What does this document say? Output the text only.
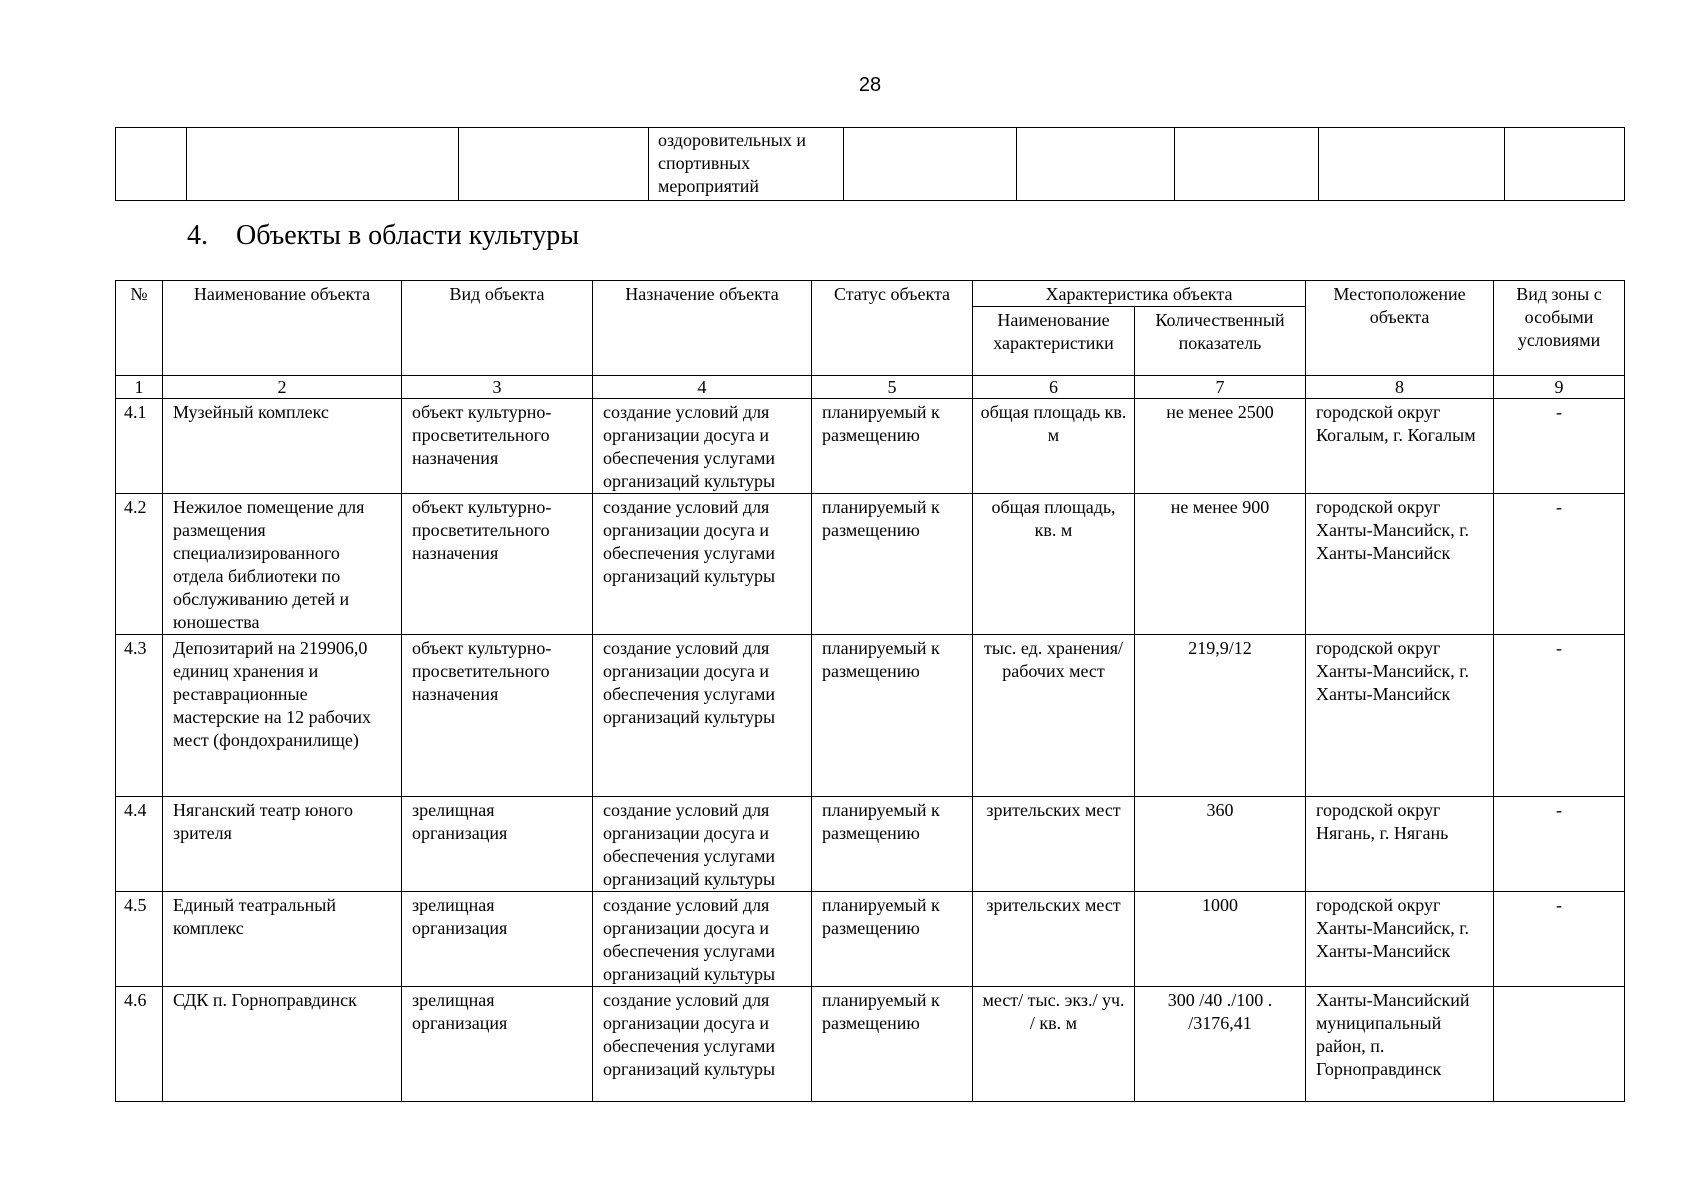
28
			оздоровительных и спортивных мероприятий					
4. Объекты в области культуры
№	Наименование объекта	Вид объекта	Назначение объекта	Статус объекта	Характеристика объекта		Местоположение объекта	Вид зоны с особыми условиями
					Наименование характеристики	Количественный показатель		
1	2	3	4	5	6	7	8	9
4.1	Музейный комплекс	объект культурно-просветительного назначения	создание условий для организации досуга и обеспечения услугами организаций культуры	планируемый к размещению	общая площадь кв. м	не менее 2500	городской округ Когалым, г. Когалым	-
4.2	Нежилое помещение для размещения специализированного отдела библиотеки по обслуживанию детей и юношества	объект культурно-просветительного назначения	создание условий для организации досуга и обеспечения услугами организаций культуры	планируемый к размещению	общая площадь, кв. м	не менее 900	городской округ Ханты-Мансийск, г. Ханты-Мансийск	-
4.3	Депозитарий на 219906,0 единиц хранения и реставрационные мастерские на 12 рабочих мест (фондохранилище)	объект культурно-просветительного назначения	создание условий для организации досуга и обеспечения услугами организаций культуры	планируемый к размещению	тыс. ед. хранения/ рабочих мест	219,9/12	городской округ Ханты-Мансийск, г. Ханты-Мансийск	-
4.4	Няганский театр юного зрителя	зрелищная организация	создание условий для организации досуга и обеспечения услугами организаций культуры	планируемый к размещению	зрительских мест	360	городской округ Нягань, г. Нягань	-
4.5	Единый театральный комплекс	зрелищная организация	создание условий для организации досуга и обеспечения услугами организаций культуры	планируемый к размещению	зрительских мест	1000	городской округ Ханты-Мансийск, г. Ханты-Мансийск	-
4.6	СДК п. Горноправдинск	зрелищная организация	создание условий для организации досуга и обеспечения услугами организаций культуры	планируемый к размещению	мест/ тыс. экз./ уч. / кв. м	300 /40 ./100 . /3176,41	Ханты-Мансийский муниципальный район, п. Горноправдинск	
